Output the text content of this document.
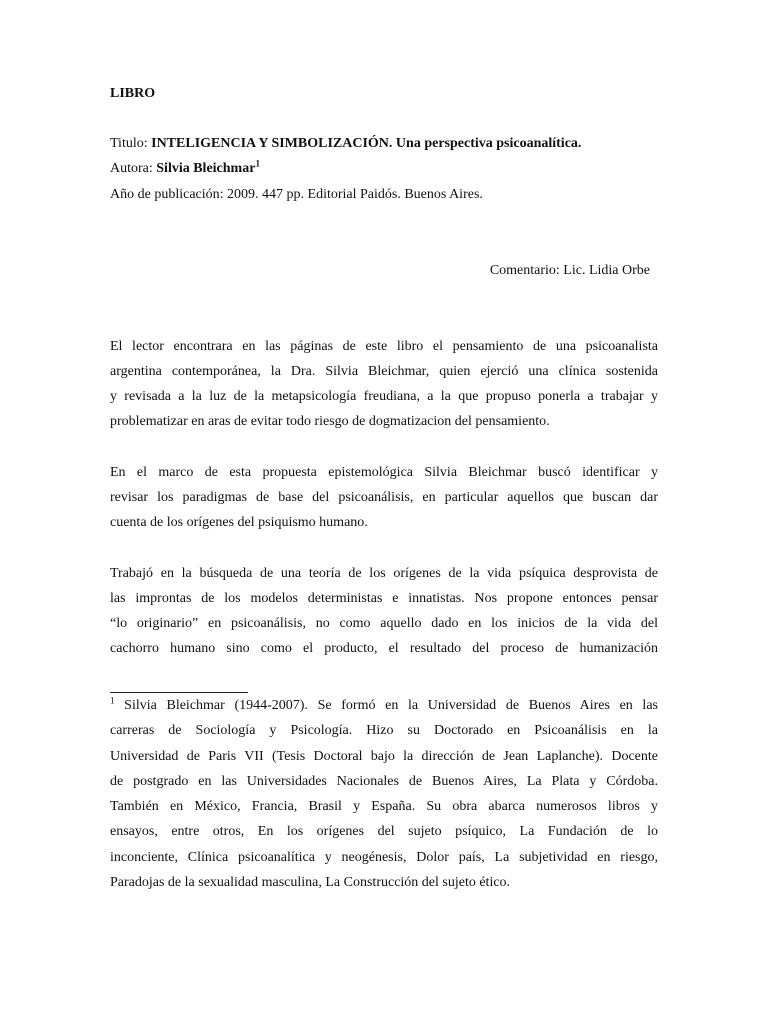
LIBRO
Titulo: INTELIGENCIA Y SIMBOLIZACIÓN. Una perspectiva psicoanalítica.
Autora: Silvia Bleichmar$^1$
Año de publicación: 2009. 447 pp. Editorial Paidós. Buenos Aires.
Comentario: Lic. Lidia Orbe
El lector encontrara en las páginas de este libro el pensamiento de una psicoanalista
argentina contemporánea, la Dra. Silvia Bleichmar, quien ejerció una clínica sostenida
y revisada a la luz de la metapsicología freudiana, a la que propuso ponerla a trabajar y
problematizar en aras de evitar todo riesgo de dogmatizacion del pensamiento.
En el marco de esta propuesta epistemológica Silvia Bleichmar buscó identificar y
revisar los paradigmas de base del psicoanálisis, en particular aquellos que buscan dar
cuenta de los orígenes del psiquismo humano.
Trabajó en la búsqueda de una teoría de los orígenes de la vida psíquica desprovista de
las improntas de los modelos deterministas e innatistas. Nos propone entonces pensar
“lo originario” en psicoanálisis, no como aquello dado en los inicios de la vida del
cachorro humano sino como el producto, el resultado del proceso de humanización
$^1$ Silvia Bleichmar (1944-2007). Se formó en la Universidad de Buenos Aires en las
carreras de Sociología y Psicología. Hizo su Doctorado en Psicoanálisis en la
Universidad de Paris VII (Tesis Doctoral bajo la dirección de Jean Laplanche). Docente
de postgrado en las Universidades Nacionales de Buenos Aires, La Plata y Córdoba.
También en México, Francia, Brasil y España. Su obra abarca numerosos libros y
ensayos, entre otros, En los orígenes del sujeto psíquico, La Fundación de lo
inconciente, Clínica psicoanalítica y neogénesis, Dolor país, La subjetividad en riesgo,
Paradojas de la sexualidad masculina, La Construcción del sujeto ético.
